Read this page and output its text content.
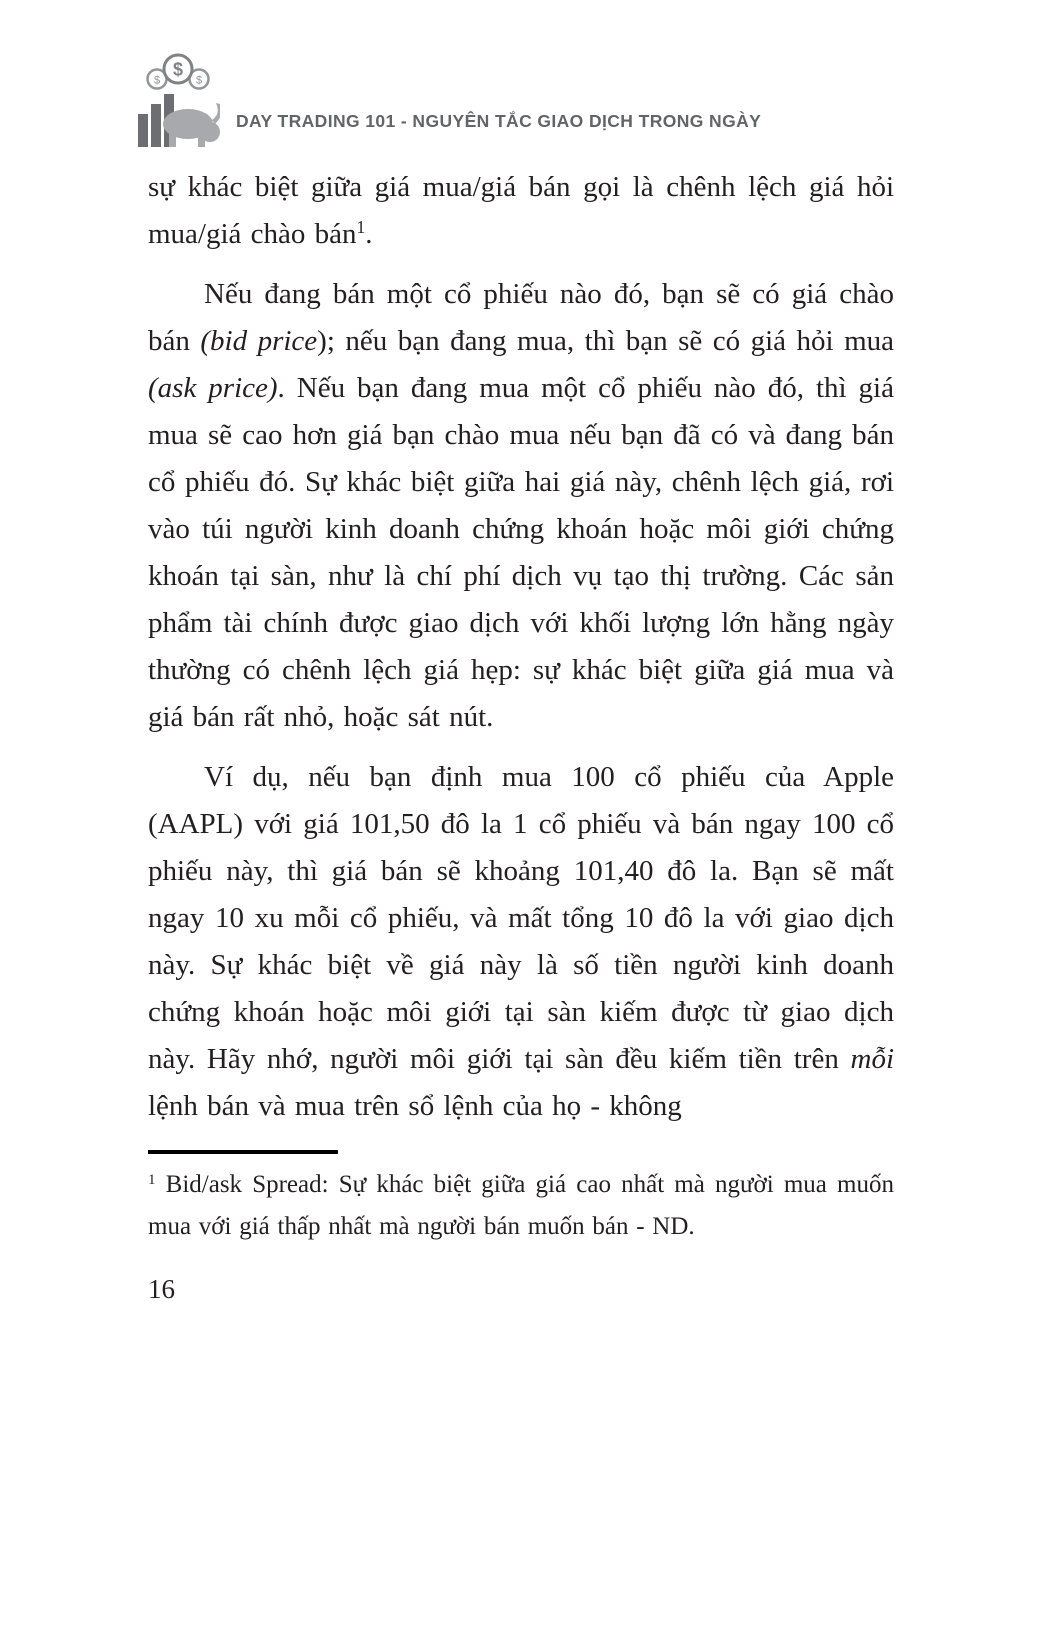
$
$	$
DAY TRADING 101 - NGUYÊN TẮC GIAO DỊCH TRONG NGÀY

sự khác biệt giữa giá mua/giá bán gọi là chênh lệch giá hỏi mua/giá chào bán$^1$.

Nếu đang bán một cổ phiếu nào đó, bạn sẽ có giá chào bán (bid price); nếu bạn đang mua, thì bạn sẽ có giá hỏi mua (ask price). Nếu bạn đang mua một cổ phiếu nào đó, thì giá mua sẽ cao hơn giá bạn chào mua nếu bạn đã có và đang bán cổ phiếu đó. Sự khác biệt giữa hai giá này, chênh lệch giá, rơi vào túi người kinh doanh chứng khoán hoặc môi giới chứng khoán tại sàn, như là chí phí dịch vụ tạo thị trường. Các sản phẩm tài chính được giao dịch với khối lượng lớn hằng ngày thường có chênh lệch giá hẹp: sự khác biệt giữa giá mua và giá bán rất nhỏ, hoặc sát nút.

Ví dụ, nếu bạn định mua 100 cổ phiếu của Apple (AAPL) với giá 101,50 đô la 1 cổ phiếu và bán ngay 100 cổ phiếu này, thì giá bán sẽ khoảng 101,40 đô la. Bạn sẽ mất ngay 10 xu mỗi cổ phiếu, và mất tổng 10 đô la với giao dịch này. Sự khác biệt về giá này là số tiền người kinh doanh chứng khoán hoặc môi giới tại sàn kiếm được từ giao dịch này. Hãy nhớ, người môi giới tại sàn đều kiếm tiền trên mỗi lệnh bán và mua trên sổ lệnh của họ - không

$^1$ Bid/ask Spread: Sự khác biệt giữa giá cao nhất mà người mua muốn mua với giá thấp nhất mà người bán muốn bán - ND.
16
